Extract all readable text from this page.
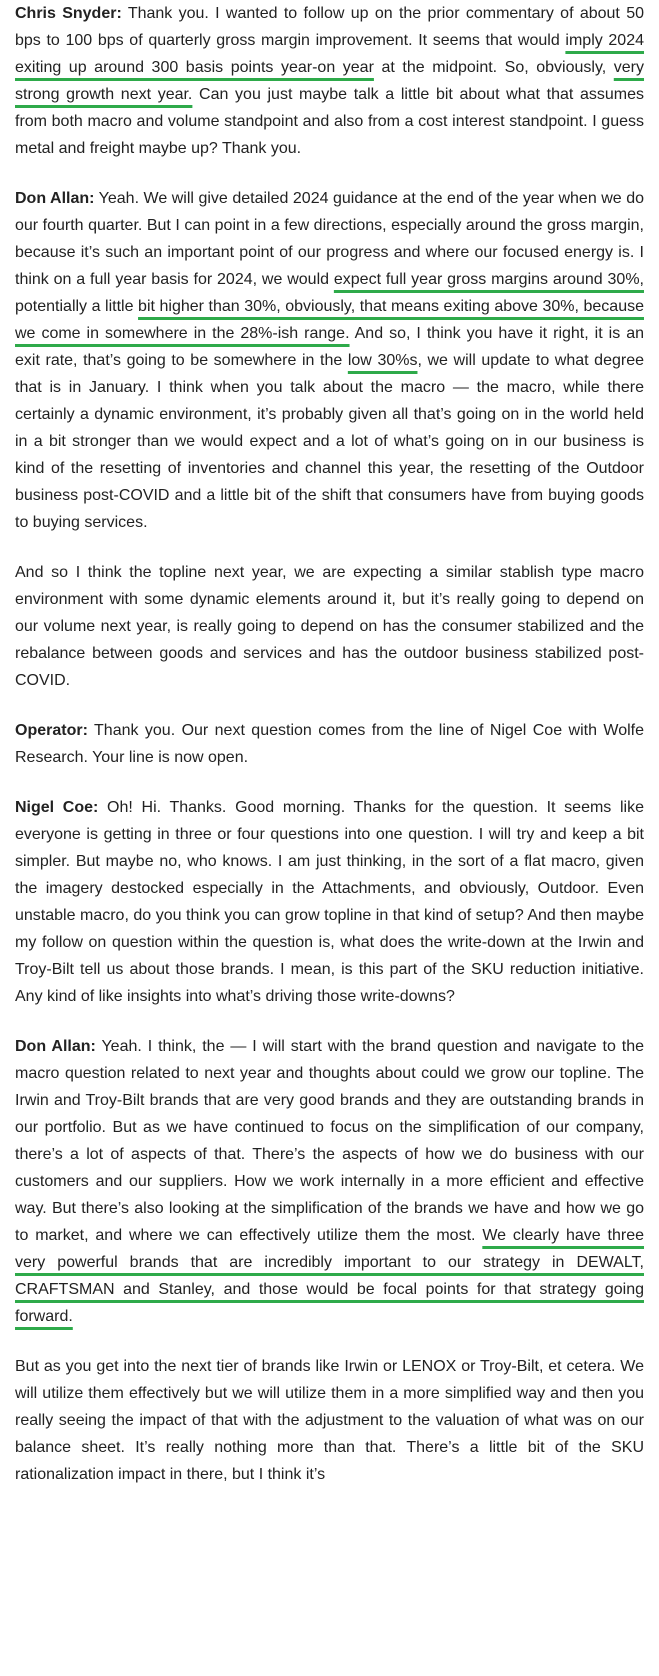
Chris Snyder: Thank you. I wanted to follow up on the prior commentary of about 50 bps to 100 bps of quarterly gross margin improvement. It seems that would imply 2024 exiting up around 300 basis points year-on year at the midpoint. So, obviously, very strong growth next year. Can you just maybe talk a little bit about what that assumes from both macro and volume standpoint and also from a cost interest standpoint. I guess metal and freight maybe up? Thank you.

Don Allan: Yeah. We will give detailed 2024 guidance at the end of the year when we do our fourth quarter. But I can point in a few directions, especially around the gross margin, because it’s such an important point of our progress and where our focused energy is. I think on a full year basis for 2024, we would expect full year gross margins around 30%, potentially a little bit higher than 30%, obviously, that means exiting above 30%, because we come in somewhere in the 28%-ish range. And so, I think you have it right, it is an exit rate, that’s going to be somewhere in the low 30%s, we will update to what degree that is in January. I think when you talk about the macro — the macro, while there certainly a dynamic environment, it’s probably given all that’s going on in the world held in a bit stronger than we would expect and a lot of what’s going on in our business is kind of the resetting of inventories and channel this year, the resetting of the Outdoor business post-COVID and a little bit of the shift that consumers have from buying goods to buying services.

And so I think the topline next year, we are expecting a similar stablish type macro environment with some dynamic elements around it, but it’s really going to depend on our volume next year, is really going to depend on has the consumer stabilized and the rebalance between goods and services and has the outdoor business stabilized post-COVID.

Operator: Thank you. Our next question comes from the line of Nigel Coe with Wolfe Research. Your line is now open.

Nigel Coe: Oh! Hi. Thanks. Good morning. Thanks for the question. It seems like everyone is getting in three or four questions into one question. I will try and keep a bit simpler. But maybe no, who knows. I am just thinking, in the sort of a flat macro, given the imagery destocked especially in the Attachments, and obviously, Outdoor. Even unstable macro, do you think you can grow topline in that kind of setup? And then maybe my follow on question within the question is, what does the write-down at the Irwin and Troy-Bilt tell us about those brands. I mean, is this part of the SKU reduction initiative. Any kind of like insights into what’s driving those write-downs?

Don Allan: Yeah. I think, the — I will start with the brand question and navigate to the macro question related to next year and thoughts about could we grow our topline. The Irwin and Troy-Bilt brands that are very good brands and they are outstanding brands in our portfolio. But as we have continued to focus on the simplification of our company, there’s a lot of aspects of that. There’s the aspects of how we do business with our customers and our suppliers. How we work internally in a more efficient and effective way. But there’s also looking at the simplification of the brands we have and how we go to market, and where we can effectively utilize them the most. We clearly have three very powerful brands that are incredibly important to our strategy in DEWALT, CRAFTSMAN and Stanley, and those would be focal points for that strategy going forward.

But as you get into the next tier of brands like Irwin or LENOX or Troy-Bilt, et cetera. We will utilize them effectively but we will utilize them in a more simplified way and then you really seeing the impact of that with the adjustment to the valuation of what was on our balance sheet. It’s really nothing more than that. There’s a little bit of the SKU rationalization impact in there, but I think it’s
